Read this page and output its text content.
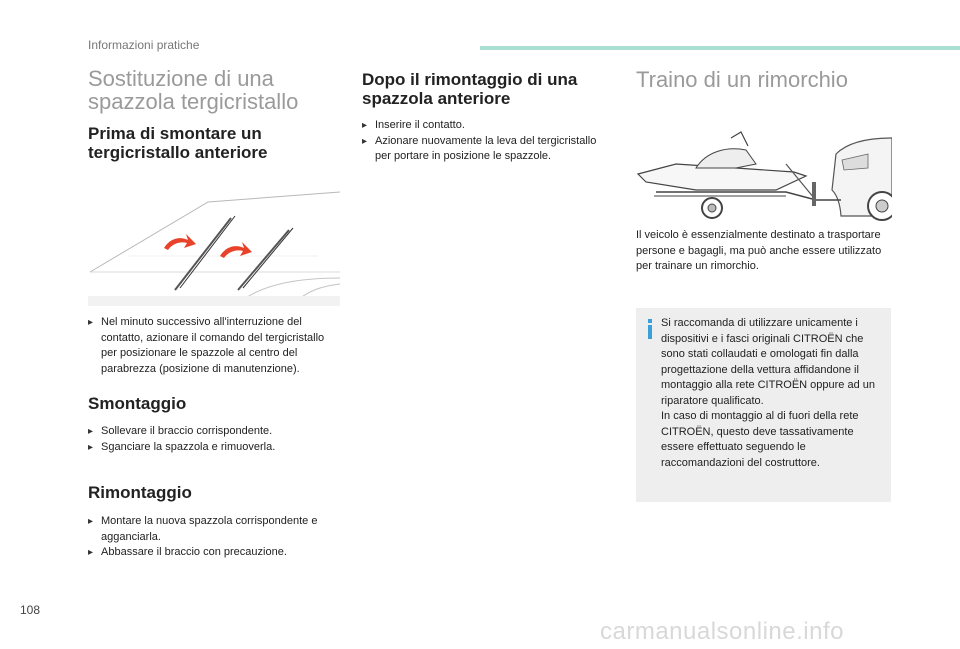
Informazioni pratiche
Sostituzione di una spazzola tergicristallo
Prima di smontare un tergicristallo anteriore
▸ Nel minuto successivo all'interruzione del contatto, azionare il comando del tergicristallo per posizionare le spazzole al centro del parabrezza (posizione di manutenzione).
Smontaggio
▸ Sollevare il braccio corrispondente.
▸ Sganciare la spazzola e rimuoverla.
Rimontaggio
▸ Montare la nuova spazzola corrispondente e agganciarla.
▸ Abbassare il braccio con precauzione.
Dopo il rimontaggio di una spazzola anteriore
▸ Inserire il contatto.
▸ Azionare nuovamente la leva del tergicristallo per portare in posizione le spazzole.
Traino di un rimorchio

Il veicolo è essenzialmente destinato a trasportare persone e bagagli, ma può anche essere utilizzato per trainare un rimorchio.

Si raccomanda di utilizzare unicamente i dispositivi e i fasci originali CITROËN che sono stati collaudati e omologati fin dalla progettazione della vettura affidandone il montaggio alla rete CITROËN oppure ad un riparatore qualificato.

In caso di montaggio al di fuori della rete CITROËN, questo deve tassativamente essere effettuato seguendo le raccomandazioni del costruttore.

108
carmanualsonline.info
